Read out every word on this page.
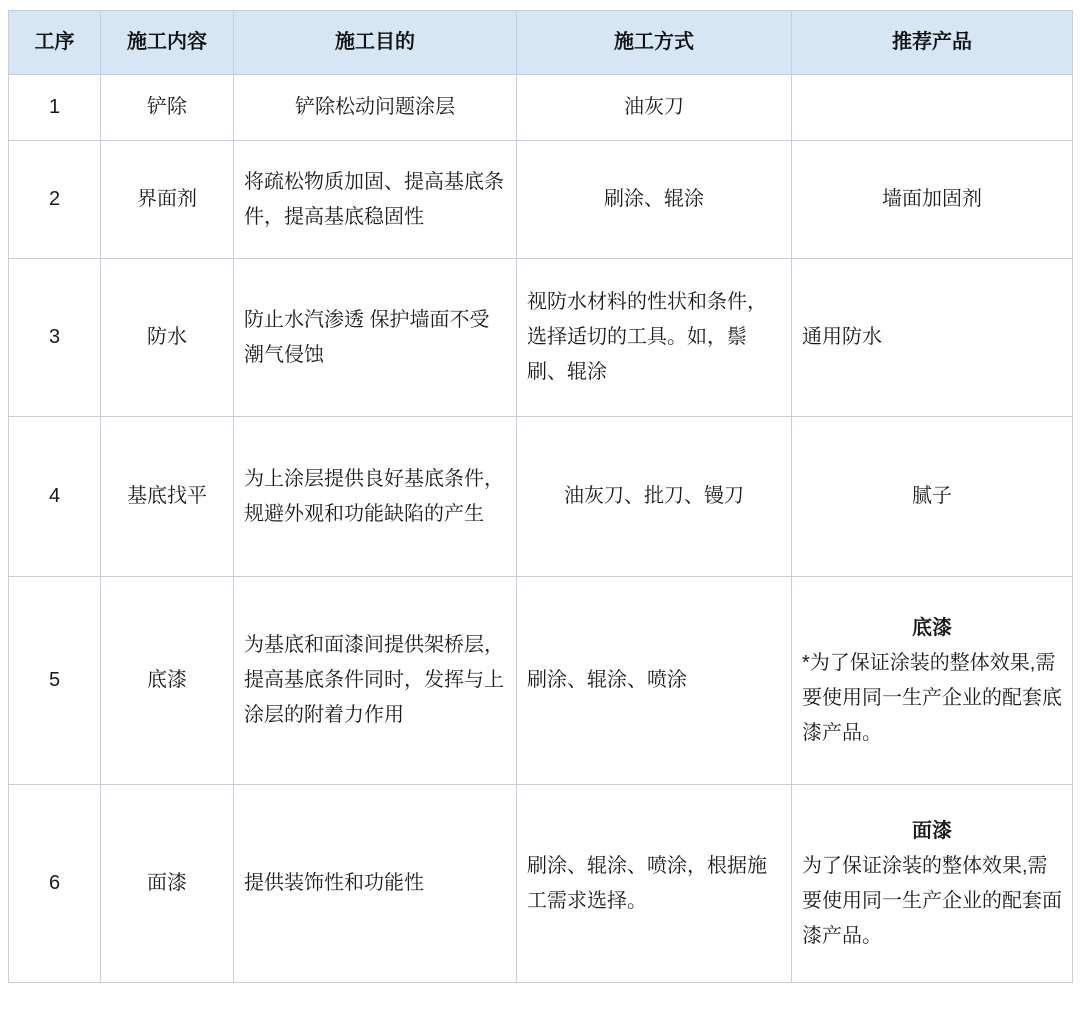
工序	施工内容	施工目的	施工方式	推荐产品
1	铲除	铲除松动问题涂层	油灰刀	
2	界面剂	将疏松物质加固、提高基底条件，提高基底稳固性	刷涂、辊涂	墙面加固剂
3	防水	防止水汽渗透 保护墙面不受潮气侵蚀	视防水材料的性状和条件，选择适切的工具。如，鬃刷、辊涂	通用防水
4	基底找平	为上涂层提供良好基底条件，规避外观和功能缺陷的产生	油灰刀、批刀、镘刀	腻子
5	底漆	为基底和面漆间提供架桥层， 提高基底条件同时，发挥与上涂层的附着力作用	刷涂、辊涂、喷涂	底漆
*为了保证涂装的整体效果,需要使用同一生产企业的配套底漆产品。

6	面漆	提供装饰性和功能性	刷涂、辊涂、喷涂，根据施工需求选择。	面漆
为了保证涂装的整体效果,需要使用同一生产企业的配套面漆产品。
